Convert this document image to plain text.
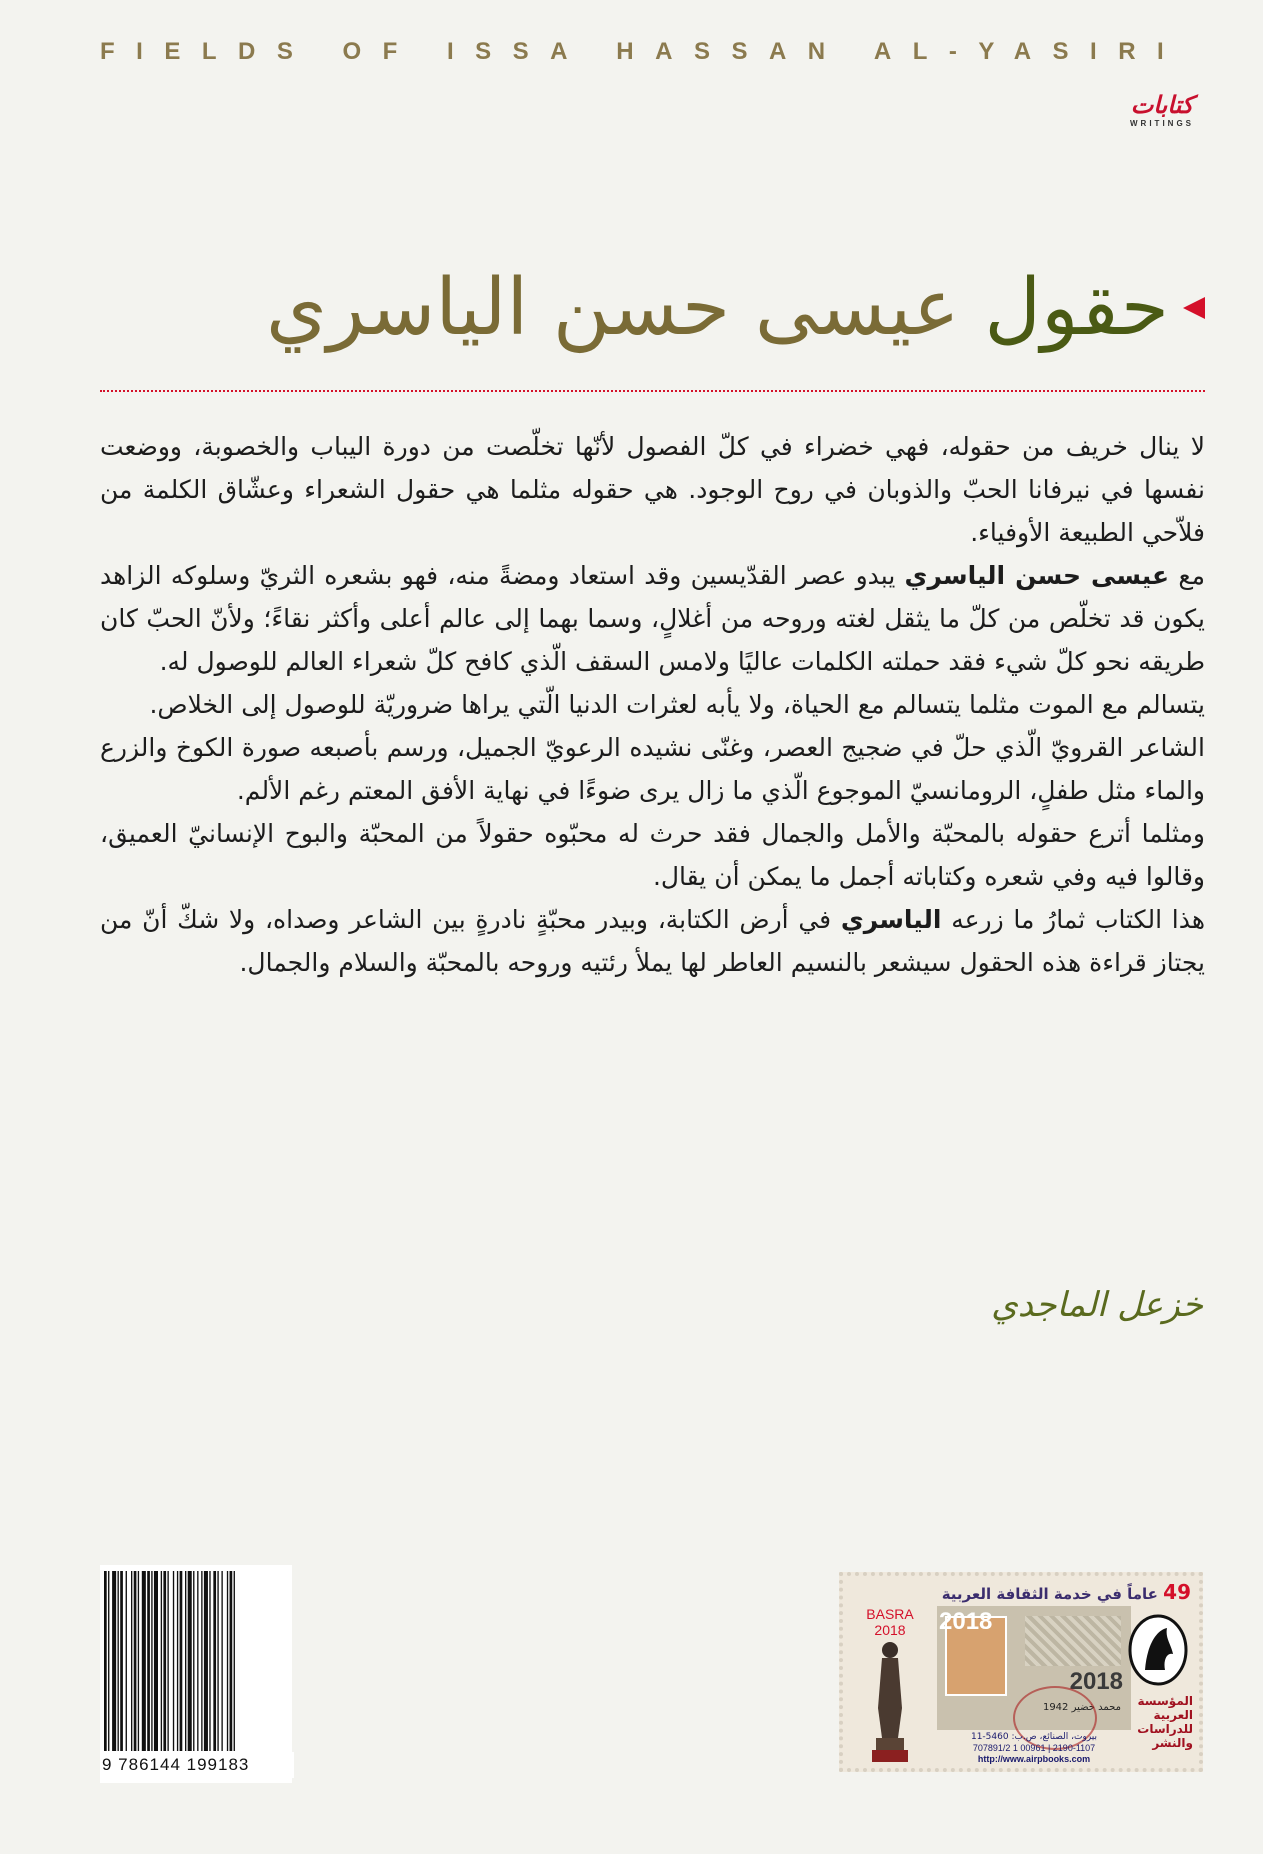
FIELDS OF ISSA HASSAN AL-YASIRI
كتابات
WRITINGS
حقول عيسى حسن الياسري

لا ينال خريف من حقوله، فهي خضراء في كلّ الفصول لأنّها تخلّصت من دورة اليباب والخصوبة، ووضعت نفسها في نيرفانا الحبّ والذوبان في روح الوجود. هي حقوله مثلما هي حقول الشعراء وعشّاق الكلمة من فلاّحي الطبيعة الأوفياء.

مع عيسى حسن الياسري يبدو عصر القدّيسين وقد استعاد ومضةً منه، فهو بشعره الثريّ وسلوكه الزاهد يكون قد تخلّص من كلّ ما يثقل لغته وروحه من أغلالٍ، وسما بهما إلى عالم أعلى وأكثر نقاءً؛ ولأنّ الحبّ كان طريقه نحو كلّ شيء فقد حملته الكلمات عاليًا ولامس السقف الّذي كافح كلّ شعراء العالم للوصول له.

يتسالم مع الموت مثلما يتسالم مع الحياة، ولا يأبه لعثرات الدنيا الّتي يراها ضروريّة للوصول إلى الخلاص.

الشاعر القرويّ الّذي حلّ في ضجيج العصر، وغنّى نشيده الرعويّ الجميل، ورسم بأصبعه صورة الكوخ والزرع والماء مثل طفلٍ، الرومانسيّ الموجوع الّذي ما زال يرى ضوءًا في نهاية الأفق المعتم رغم الألم.

ومثلما أترع حقوله بالمحبّة والأمل والجمال فقد حرث له محبّوه حقولاً من المحبّة والبوح الإنسانيّ العميق، وقالوا فيه وفي شعره وكتاباته أجمل ما يمكن أن يقال.

هذا الكتاب ثمارُ ما زرعه الياسري في أرض الكتابة، وبيدر محبّةٍ نادرةٍ بين الشاعر وصداه، ولا شكّ أنّ من يجتاز قراءة هذه الحقول سيشعر بالنسيم العاطر لها يملأ رئتيه وروحه بالمحبّة والسلام والجمال.

خزعل الماجدي
9 786144 199183
49 عاماً في خدمة الثقافة العربية
BASRA
2018	2018
2018
محمد خضير 1942
بيروت، الصنائع، ص.ب: 5460-11
2190-1107 | 00961 1 707891/2
http://www.airpbooks.com
المؤسسة العربية للدراسات والنشر
